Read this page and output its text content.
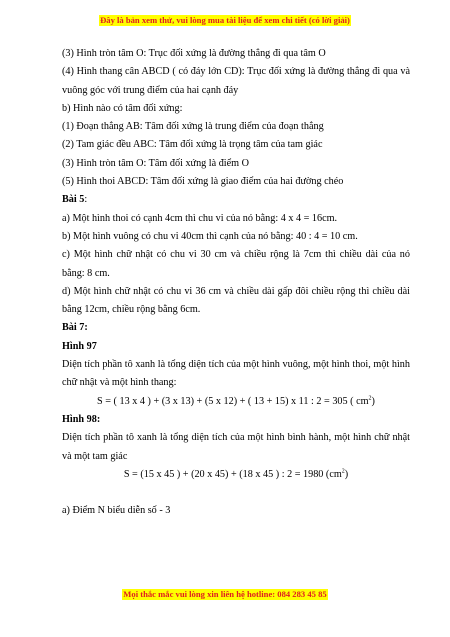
Đây là bản xem thử, vui lòng mua tài liệu để xem chi tiết (có lời giải)

(3) Hình tròn tâm O: Trục đối xứng là đường thẳng đi qua tâm O

(4) Hình thang cân ABCD ( có đáy lớn CD): Trục đối xứng là đường thẳng đi qua và vuông góc với trung điểm của hai cạnh đáy

b) Hình nào có tâm đối xứng:

(1) Đoạn thẳng AB: Tâm đối xứng là trung điểm của đoạn thẳng

(2) Tam giác đều ABC: Tâm đối xứng là trọng tâm của tam giác

(3) Hình tròn tâm O: Tâm đối xứng là điểm O

(5) Hình thoi ABCD: Tâm đối xứng là giao điểm của hai đường chéo

Bài 5:

a) Một hình thoi có cạnh 4cm thì chu vi của nó bằng: 4 x 4 = 16cm.

b) Một hình vuông có chu vi 40cm thì cạnh của nó bằng: 40 : 4 = 10 cm.

c) Một hình chữ nhật có chu vi 30 cm và chiều rộng là 7cm thì chiều dài của nó bằng: 8 cm.

d) Một hình chữ nhật có chu vi 36 cm và chiều dài gấp đôi chiều rộng thì chiều dài bằng 12cm, chiều rộng bằng 6cm.

Bài 7:

Hình 97

Diện tích phần tô xanh là tổng diện tích của một hình vuông, một hình thoi, một hình chữ nhật và một hình thang:

S = ( 13 x 4 ) + (3 x 13) + (5 x 12) + ( 13 + 15) x 11 : 2 = 305 ( $cm^2$)

Hình 98:

Diện tích phần tô xanh là tổng diện tích của một hình bình hành, một hình chữ nhật và một tam giác

S = (15 x 45 ) + (20 x 45) + (18 x 45 ) : 2 = 1980 $(cm^2)$

a) Điểm N biểu diễn số - 3

Mọi thắc mắc vui lòng xin liên hệ hotline: 084 283 45 85
